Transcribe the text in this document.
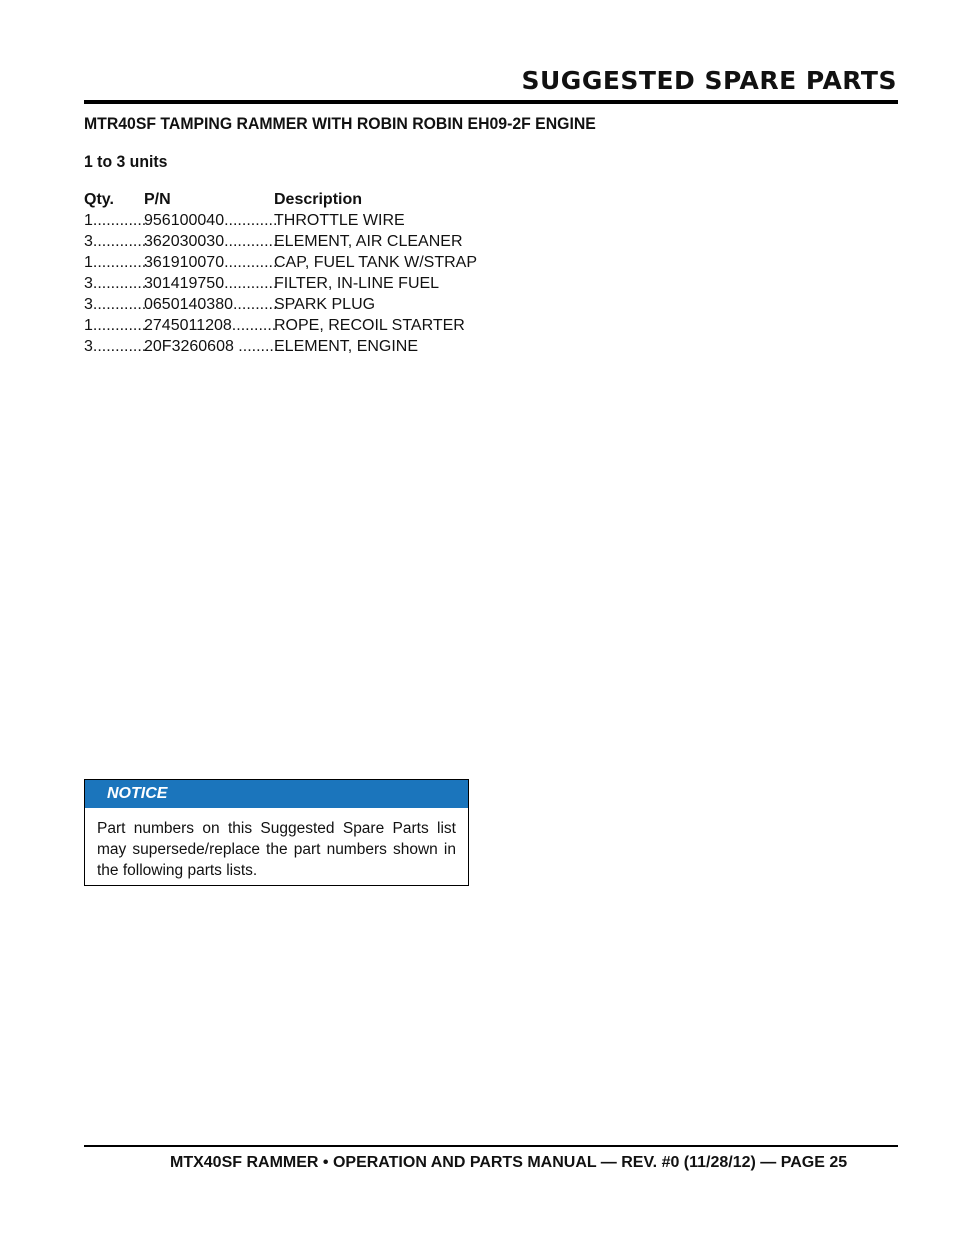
SUGGESTED SPARE PARTS
MTR40SF TAMPING RAMMER WITH ROBIN ROBIN EH09-2F ENGINE
1 to 3 units
Qty.	P/N	Description
1............
956100040............
THROTTLE WIRE
3............
362030030............
ELEMENT, AIR CLEANER
1............
361910070............
CAP, FUEL TANK W/STRAP
3............
301419750............
FILTER, IN-LINE FUEL
3............
0650140380..........
SPARK PLUG
1............
2745011208..........
ROPE, RECOIL STARTER
3............
20F3260608 .........
ELEMENT, ENGINE
NOTICE
Part numbers on this Suggested Spare Parts list may supersede/replace the part numbers shown in the following parts lists.

MTX40SF RAMMER • OPERATION AND PARTS MANUAL — REV. #0 (11/28/12) — PAGE 25
